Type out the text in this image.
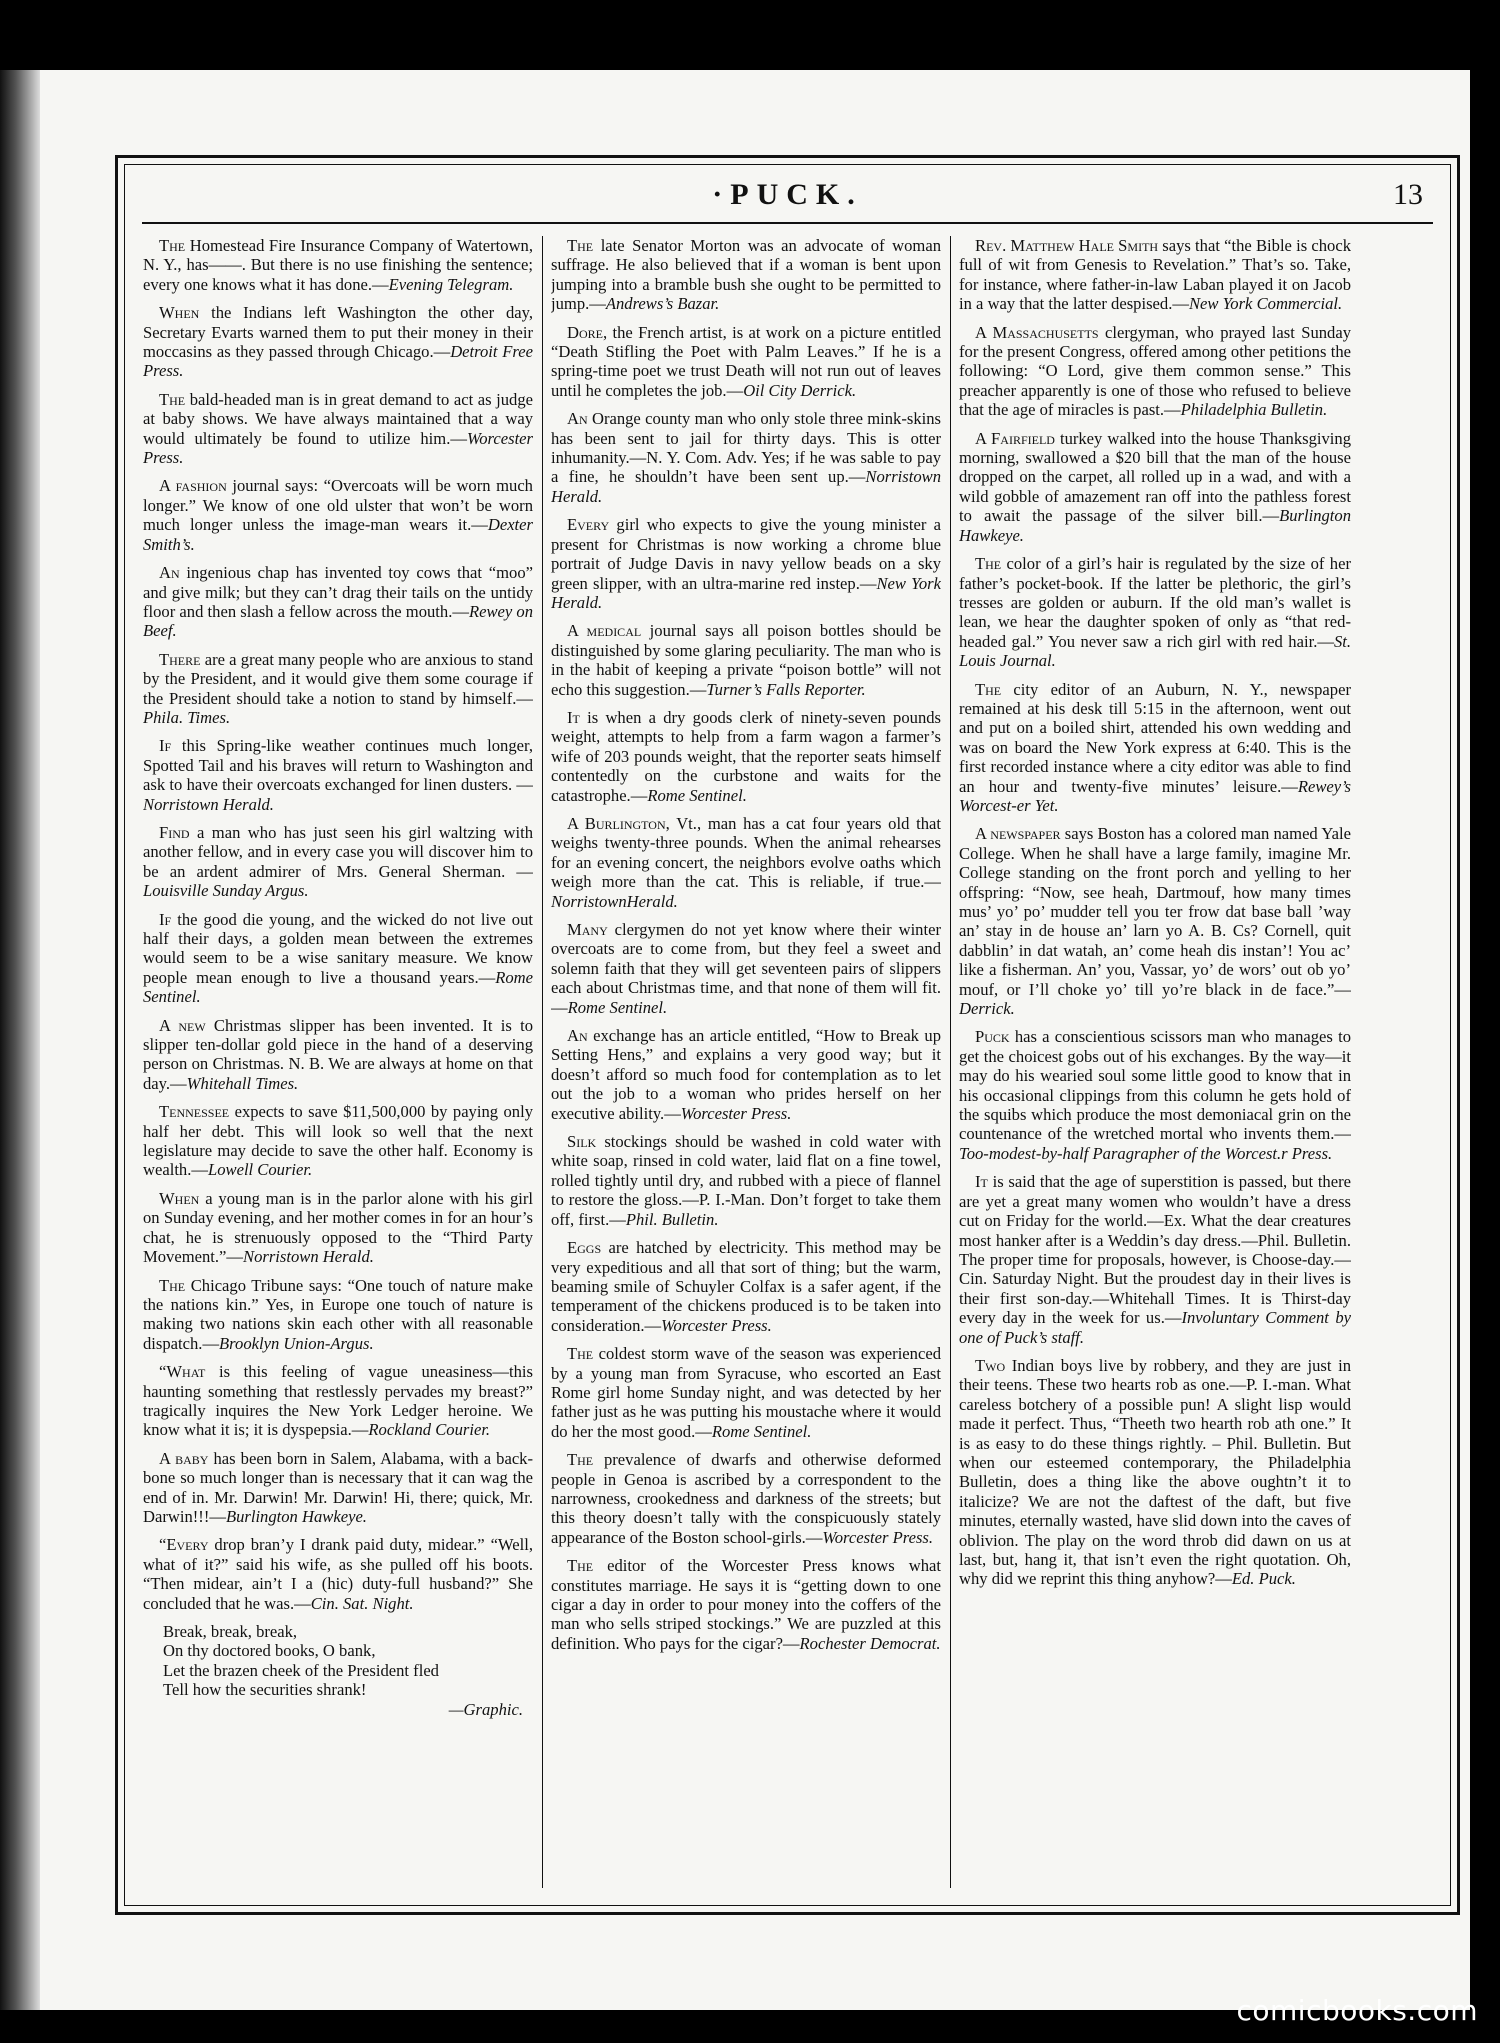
·PUCK.	13

The Homestead Fire Insurance Company of Watertown, N. Y., has——. But there is no use finishing the sentence; every one knows what it has done.—Evening Telegram.

When the Indians left Washington the other day, Secretary Evarts warned them to put their money in their moccasins as they passed through Chicago.—Detroit Free Press.

The bald-headed man is in great demand to act as judge at baby shows. We have always maintained that a way would ultimately be found to utilize him.—Worcester Press.

A fashion journal says: “Overcoats will be worn much longer.” We know of one old ulster that won’t be worn much longer unless the image-man wears it.—Dexter Smith’s.

An ingenious chap has invented toy cows that “moo” and give milk; but they can’t drag their tails on the untidy floor and then slash a fellow across the mouth.—Rewey on Beef.

There are a great many people who are anxious to stand by the President, and it would give them some courage if the President should take a notion to stand by himself.—Phila. Times.

If this Spring-like weather continues much longer, Spotted Tail and his braves will return to Washington and ask to have their overcoats exchanged for linen dusters. —Norristown Herald.

Find a man who has just seen his girl waltzing with another fellow, and in every case you will discover him to be an ardent admirer of Mrs. General Sherman. —Louisville Sunday Argus.

If the good die young, and the wicked do not live out half their days, a golden mean between the extremes would seem to be a wise sanitary measure. We know people mean enough to live a thousand years.—Rome Sentinel.

A new Christmas slipper has been invented. It is to slipper ten-dollar gold piece in the hand of a deserving person on Christmas. N. B. We are always at home on that day.—Whitehall Times.

Tennessee expects to save $11,500,000 by paying only half her debt. This will look so well that the next legislature may decide to save the other half. Economy is wealth.—Lowell Courier.

When a young man is in the parlor alone with his girl on Sunday evening, and her mother comes in for an hour’s chat, he is strenuously opposed to the “Third Party Movement.”—Norristown Herald.

The Chicago Tribune says: “One touch of nature make the nations kin.” Yes, in Europe one touch of nature is making two nations skin each other with all reasonable dispatch.—Brooklyn Union-Argus.

“What is this feeling of vague uneasiness—this haunting something that restlessly pervades my breast?” tragically inquires the New York Ledger heroine. We know what it is; it is dyspepsia.—Rockland Courier.

A baby has been born in Salem, Alabama, with a back-bone so much longer than is necessary that it can wag the end of in. Mr. Darwin! Mr. Darwin! Hi, there; quick, Mr. Darwin!!!—Burlington Hawkeye.

“Every drop bran’y I drank paid duty, midear.” “Well, what of it?” said his wife, as she pulled off his boots. “Then midear, ain’t I a (hic) duty-full husband?” She concluded that he was.—Cin. Sat. Night.

Break, break, break,
On thy doctored books, O bank,
Let the brazen cheek of the President fled
Tell how the securities shrank!
—Graphic.

The late Senator Morton was an advocate of woman suffrage. He also believed that if a woman is bent upon jumping into a bramble bush she ought to be permitted to jump.—Andrews’s Bazar.

Dore, the French artist, is at work on a picture entitled “Death Stifling the Poet with Palm Leaves.” If he is a spring-time poet we trust Death will not run out of leaves until he completes the job.—Oil City Derrick.

An Orange county man who only stole three mink-skins has been sent to jail for thirty days. This is otter inhumanity.—N. Y. Com. Adv. Yes; if he was sable to pay a fine, he shouldn’t have been sent up.—Norristown Herald.

Every girl who expects to give the young minister a present for Christmas is now working a chrome blue portrait of Judge Davis in navy yellow beads on a sky green slipper, with an ultra-marine red instep.—New York Herald.

A medical journal says all poison bottles should be distinguished by some glaring peculiarity. The man who is in the habit of keeping a private “poison bottle” will not echo this suggestion.—Turner’s Falls Reporter.

It is when a dry goods clerk of ninety-seven pounds weight, attempts to help from a farm wagon a farmer’s wife of 203 pounds weight, that the reporter seats himself contentedly on the curbstone and waits for the catastrophe.—Rome Sentinel.

A Burlington, Vt., man has a cat four years old that weighs twenty-three pounds. When the animal rehearses for an evening concert, the neighbors evolve oaths which weigh more than the cat. This is reliable, if true.—NorristownHerald.

Many clergymen do not yet know where their winter overcoats are to come from, but they feel a sweet and solemn faith that they will get seventeen pairs of slippers each about Christmas time, and that none of them will fit.—Rome Sentinel.

An exchange has an article entitled, “How to Break up Setting Hens,” and explains a very good way; but it doesn’t afford so much food for contemplation as to let out the job to a woman who prides herself on her executive ability.—Worcester Press.

Silk stockings should be washed in cold water with white soap, rinsed in cold water, laid flat on a fine towel, rolled tightly until dry, and rubbed with a piece of flannel to restore the gloss.—P. I.-Man. Don’t forget to take them off, first.—Phil. Bulletin.

Eggs are hatched by electricity. This method may be very expeditious and all that sort of thing; but the warm, beaming smile of Schuyler Colfax is a safer agent, if the temperament of the chickens produced is to be taken into consideration.—Worcester Press.

The coldest storm wave of the season was experienced by a young man from Syracuse, who escorted an East Rome girl home Sunday night, and was detected by her father just as he was putting his moustache where it would do her the most good.—Rome Sentinel.

The prevalence of dwarfs and otherwise deformed people in Genoa is ascribed by a correspondent to the narrowness, crookedness and darkness of the streets; but this theory doesn’t tally with the conspicuously stately appearance of the Boston school-girls.—Worcester Press.

The editor of the Worcester Press knows what constitutes marriage. He says it is “getting down to one cigar a day in order to pour money into the coffers of the man who sells striped stockings.” We are puzzled at this definition. Who pays for the cigar?—Rochester Democrat.

Rev. Matthew Hale Smith says that “the Bible is chock full of wit from Genesis to Revelation.” That’s so. Take, for instance, where father-in-law Laban played it on Jacob in a way that the latter despised.—New York Commercial.

A Massachusetts clergyman, who prayed last Sunday for the present Congress, offered among other petitions the following: “O Lord, give them common sense.” This preacher apparently is one of those who refused to believe that the age of miracles is past.—Philadelphia Bulletin.

A Fairfield turkey walked into the house Thanksgiving morning, swallowed a $20 bill that the man of the house dropped on the carpet, all rolled up in a wad, and with a wild gobble of amazement ran off into the pathless forest to await the passage of the silver bill.—Burlington Hawkeye.

The color of a girl’s hair is regulated by the size of her father’s pocket-book. If the latter be plethoric, the girl’s tresses are golden or auburn. If the old man’s wallet is lean, we hear the daughter spoken of only as “that red-headed gal.” You never saw a rich girl with red hair.—St. Louis Journal.

The city editor of an Auburn, N. Y., newspaper remained at his desk till 5:15 in the afternoon, went out and put on a boiled shirt, attended his own wedding and was on board the New York express at 6:40. This is the first recorded instance where a city editor was able to find an hour and twenty-five minutes’ leisure.—Rewey’s Worcest-er Yet.

A newspaper says Boston has a colored man named Yale College. When he shall have a large family, imagine Mr. College standing on the front porch and yelling to her offspring: “Now, see heah, Dartmouf, how many times mus’ yo’ po’ mudder tell you ter frow dat base ball ’way an’ stay in de house an’ larn yo A. B. Cs? Cornell, quit dabblin’ in dat watah, an’ come heah dis instan’! You ac’ like a fisherman. An’ you, Vassar, yo’ de wors’ out ob yo’ mouf, or I’ll choke yo’ till yo’re black in de face.”—Derrick.

Puck has a conscientious scissors man who manages to get the choicest gobs out of his exchanges. By the way—it may do his wearied soul some little good to know that in his occasional clippings from this column he gets hold of the squibs which produce the most demoniacal grin on the countenance of the wretched mortal who invents them.—Too-modest-by-half Paragrapher of the Worcest.r Press.

It is said that the age of superstition is passed, but there are yet a great many women who wouldn’t have a dress cut on Friday for the world.—Ex. What the dear creatures most hanker after is a Weddin’s day dress.—Phil. Bulletin. The proper time for proposals, however, is Choose-day.—Cin. Saturday Night. But the proudest day in their lives is their first son-day.—Whitehall Times. It is Thirst-day every day in the week for us.—Involuntary Comment by one of Puck’s staff.

Two Indian boys live by robbery, and they are just in their teens. These two hearts rob as one.—P. I.-man. What careless botchery of a possible pun! A slight lisp would made it perfect. Thus, “Theeth two hearth rob ath one.” It is as easy to do these things rightly. – Phil. Bulletin. But when our esteemed contemporary, the Philadelphia Bulletin, does a thing like the above oughtn’t it to italicize? We are not the daftest of the daft, but five minutes, eternally wasted, have slid down into the caves of oblivion. The play on the word throb did dawn on us at last, but, hang it, that isn’t even the right quotation. Oh, why did we reprint this thing anyhow?—Ed. Puck.

comicbooks.com
